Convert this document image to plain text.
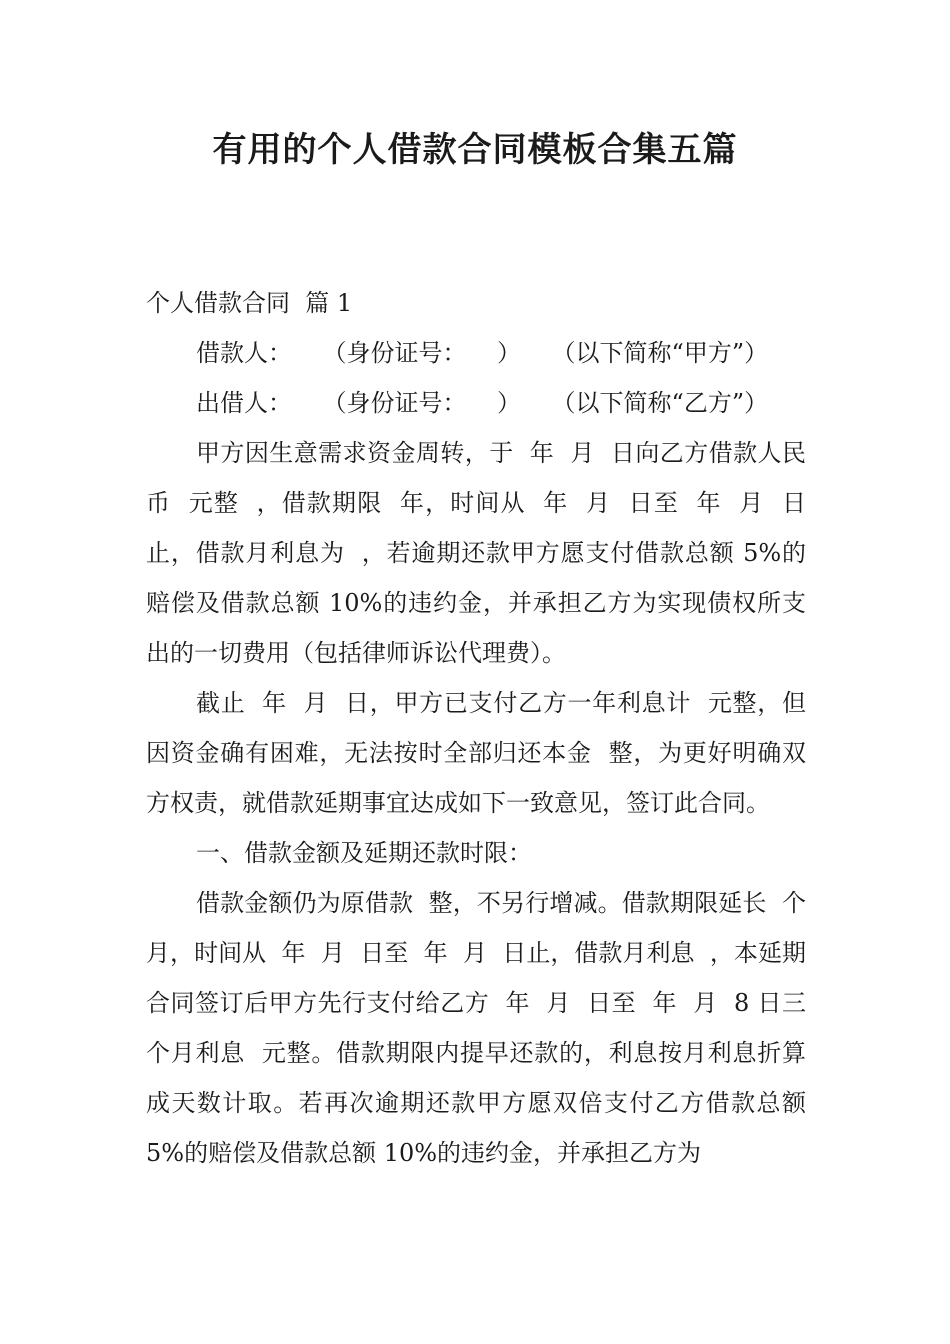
有用的个人借款合同模板合集五篇

个人借款合同  篇 1

借款人：    （身份证号：    ）    （以下简称“甲方”）

出借人：    （身份证号：    ）    （以下简称“乙方”）

甲方因生意需求资金周转，于  年  月  日向乙方借款人民币  元整  ，借款期限  年，时间从  年  月  日至  年  月  日止，借款月利息为  ，若逾期还款甲方愿支付借款总额 5%的赔偿及借款总额 10%的违约金，并承担乙方为实现债权所支出的一切费用（包括律师诉讼代理费）。

截止  年  月  日，甲方已支付乙方一年利息计  元整，但因资金确有困难，无法按时全部归还本金  整，为更好明确双方权责，就借款延期事宜达成如下一致意见，签订此合同。

一、借款金额及延期还款时限：

借款金额仍为原借款  整，不另行增减。借款期限延长  个月，时间从  年  月  日至  年  月  日止，借款月利息  ，本延期合同签订后甲方先行支付给乙方  年  月  日至  年  月  8 日三个月利息  元整。借款期限内提早还款的，利息按月利息折算成天数计取。若再次逾期还款甲方愿双倍支付乙方借款总额 5%的赔偿及借款总额 10%的违约金，并承担乙方为
